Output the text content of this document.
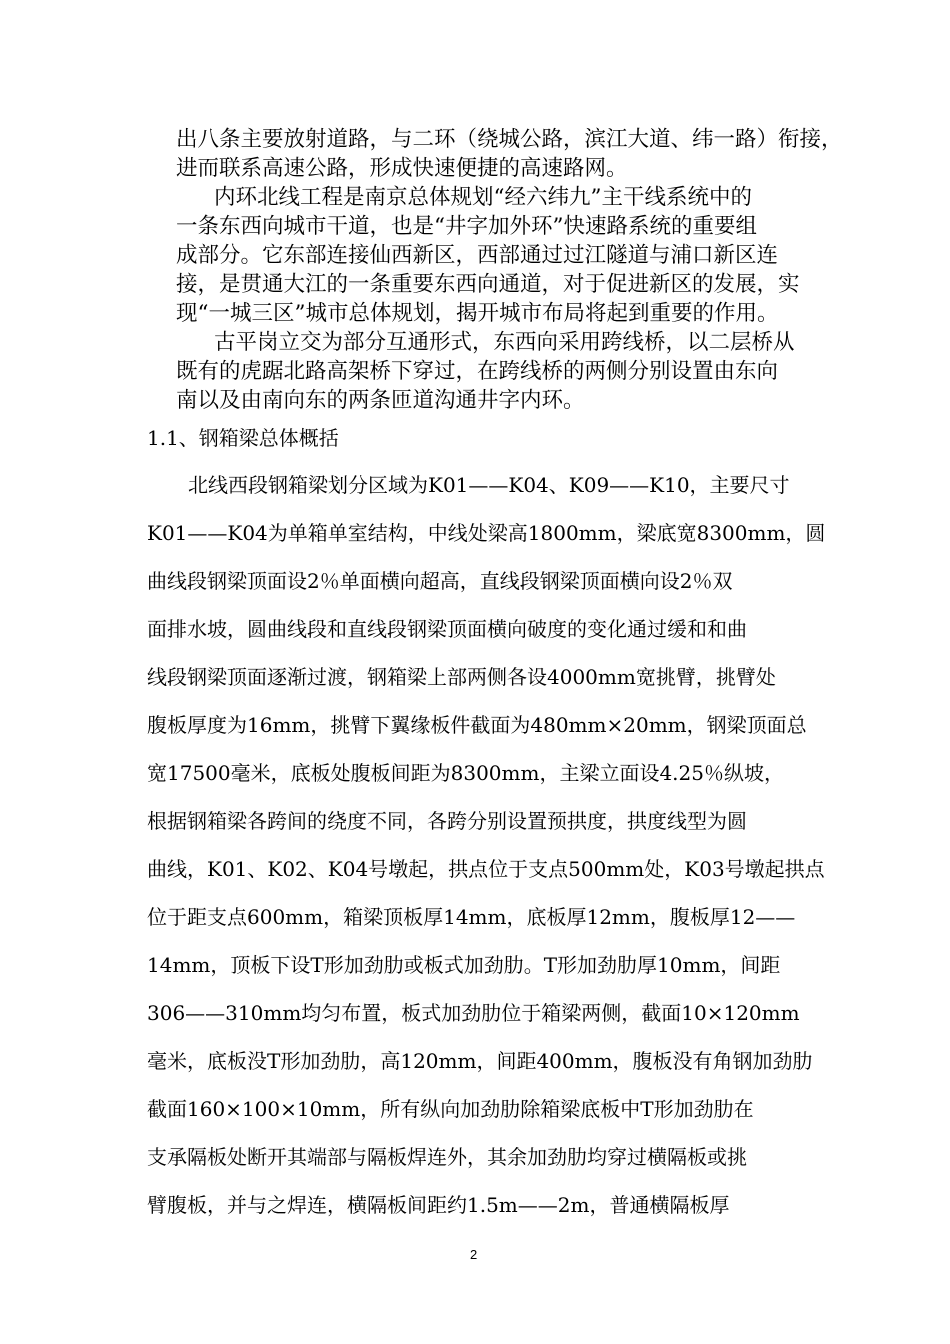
出八条主要放射道路，与二环（绕城公路，滨江大道、纬一路）衔接，
进而联系高速公路，形成快速便捷的高速路网。
内环北线工程是南京总体规划“经六纬九”主干线系统中的
一条东西向城市干道，也是“井字加外环”快速路系统的重要组
成部分。它东部连接仙西新区，西部通过过江隧道与浦口新区连
接，是贯通大江的一条重要东西向通道，对于促进新区的发展，实
现“一城三区”城市总体规划，揭开城市布局将起到重要的作用。
古平岗立交为部分互通形式，东西向采用跨线桥，以二层桥从
既有的虎踞北路高架桥下穿过，在跨线桥的两侧分别设置由东向
南以及由南向东的两条匝道沟通井字内环。
1.1、钢箱梁总体概括
北线西段钢箱梁划分区域为K01——K04、K09——K10，主要尺寸
K01——K04为单箱单室结构，中线处梁高1800mm，梁底宽8300mm，圆
曲线段钢梁顶面设2％单面横向超高，直线段钢梁顶面横向设2％双
面排水坡，圆曲线段和直线段钢梁顶面横向破度的变化通过缓和和曲
线段钢梁顶面逐渐过渡，钢箱梁上部两侧各设4000mm宽挑臂，挑臂处
腹板厚度为16mm，挑臂下翼缘板件截面为480mm×20mm，钢梁顶面总
宽17500毫米，底板处腹板间距为8300mm，主梁立面设4.25％纵坡，
根据钢箱梁各跨间的绕度不同，各跨分别设置预拱度，拱度线型为圆
曲线，K01、K02、K04号墩起，拱点位于支点500mm处，K03号墩起拱点
位于距支点600mm，箱梁顶板厚14mm，底板厚12mm，腹板厚12——
14mm，顶板下设T形加劲肋或板式加劲肋。T形加劲肋厚10mm，间距
306——310mm均匀布置，板式加劲肋位于箱梁两侧，截面10×120mm
毫米，底板没T形加劲肋，高120mm，间距400mm，腹板没有角钢加劲肋
截面160×100×10mm，所有纵向加劲肋除箱梁底板中T形加劲肋在
支承隔板处断开其端部与隔板焊连外，其余加劲肋均穿过横隔板或挑
臂腹板，并与之焊连，横隔板间距约1.5m——2m，普通横隔板厚
2
